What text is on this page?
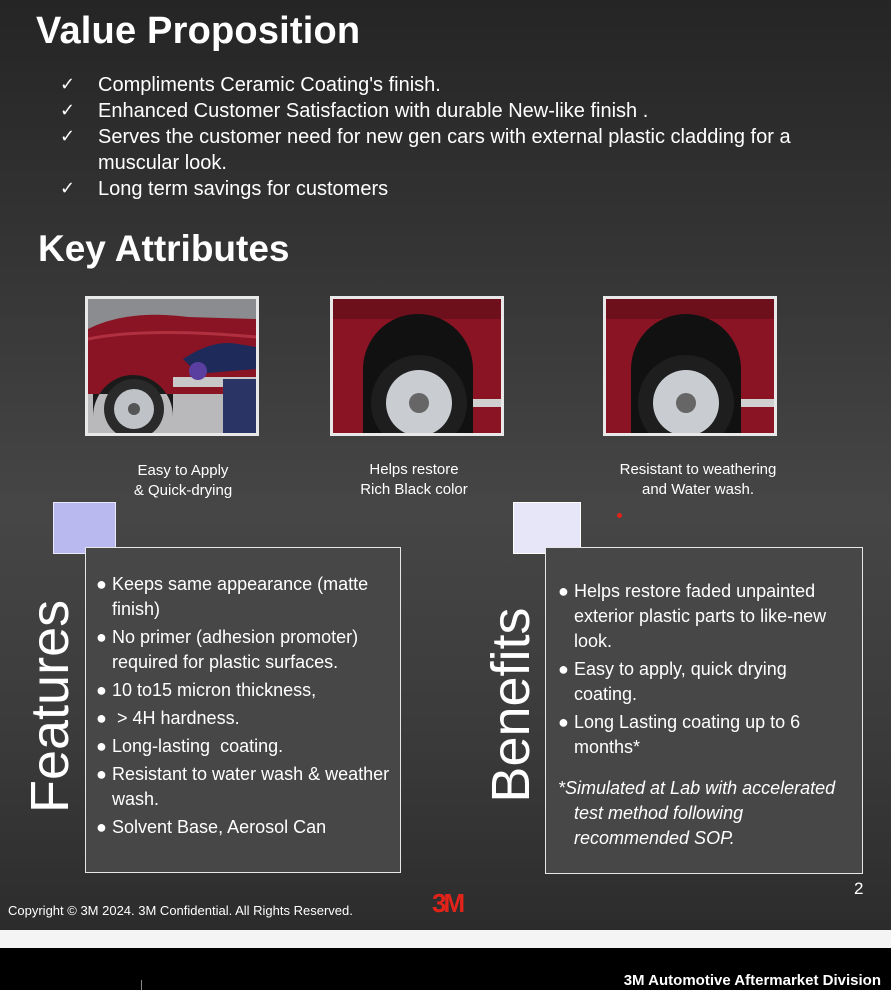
Value Proposition
✓ Compliments Ceramic Coating's finish.
✓ Enhanced Customer Satisfaction with durable New-like finish .
✓ Serves the customer need for new gen cars with external plastic cladding for a muscular look.
✓ Long term savings for customers
Key Attributes
Easy to Apply
& Quick-drying
Helps restore
Rich Black color
Resistant to weathering
and Water wash.
● Keeps same appearance (matte finish)
● No primer (adhesion promoter) required for plastic surfaces.
● 10 to15 micron thickness,
● > 4H hardness.
● Long-lasting  coating.
● Resistant to water wash & weather wash.
● Solvent Base, Aerosol Can
Features
● Helps restore faded unpainted exterior plastic parts to like-new look.
● Easy to apply, quick drying coating.
● Long Lasting coating up to 6 months*
*Simulated at Lab with accelerated test method following recommended SOP.
Benefits
Copyright © 3M 2024. 3M Confidential. All Rights Reserved.	3M	2
3M Automotive Aftermarket Division
